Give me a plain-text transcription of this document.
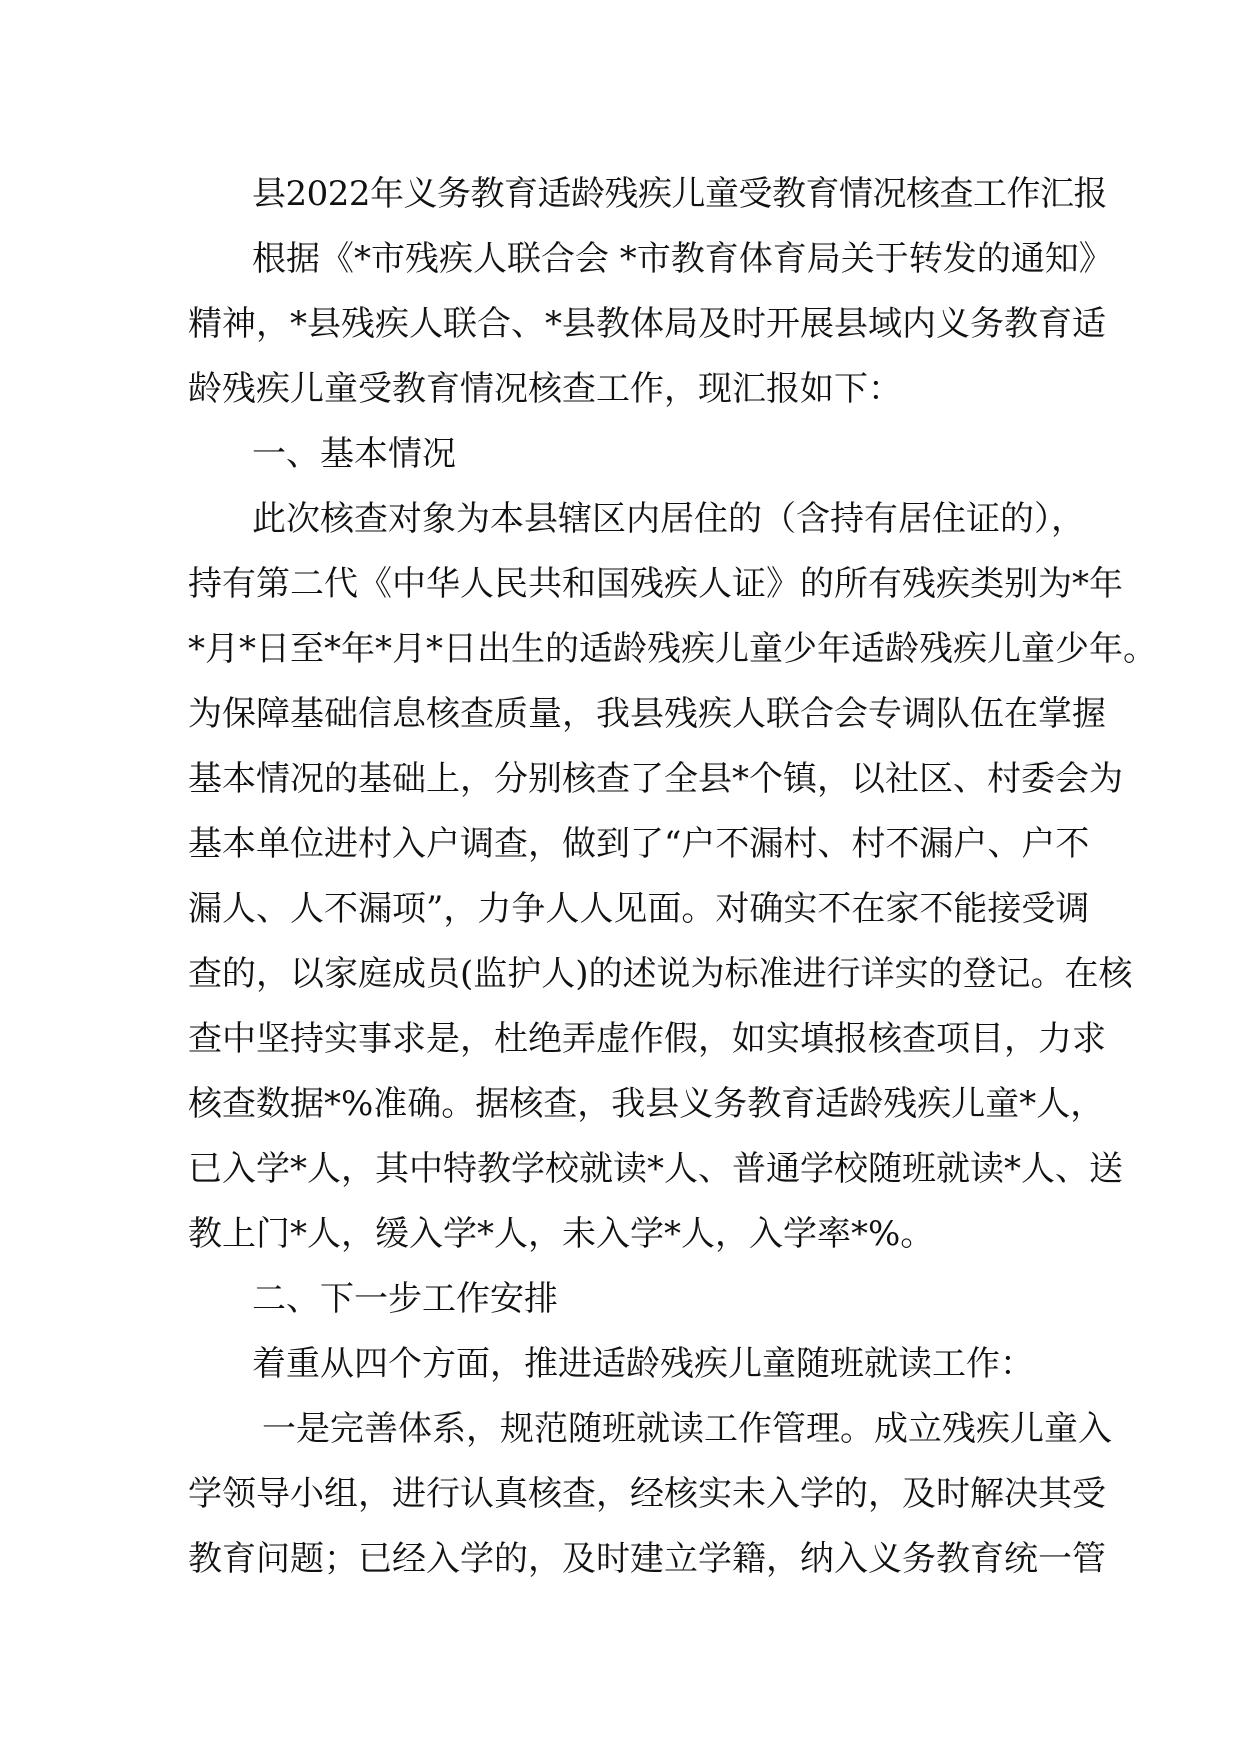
县2022年义务教育适龄残疾儿童受教育情况核查工作汇报
根据《*市残疾人联合会 *市教育体育局关于转发的通知》
精神，*县残疾人联合、*县教体局及时开展县域内义务教育适
龄残疾儿童受教育情况核查工作，现汇报如下：
一、基本情况
此次核查对象为本县辖区内居住的（含持有居住证的），
持有第二代《中华人民共和国残疾人证》的所有残疾类别为*年
*月*日至*年*月*日出生的适龄残疾儿童少年适龄残疾儿童少年。
为保障基础信息核查质量，我县残疾人联合会专调队伍在掌握
基本情况的基础上，分别核查了全县*个镇，以社区、村委会为
基本单位进村入户调查，做到了“户不漏村、村不漏户、户不
漏人、人不漏项”，力争人人见面。对确实不在家不能接受调
查的，以家庭成员(监护人)的述说为标准进行详实的登记。在核
查中坚持实事求是，杜绝弄虚作假，如实填报核查项目，力求
核查数据*%准确。据核查，我县义务教育适龄残疾儿童*人，
已入学*人，其中特教学校就读*人、普通学校随班就读*人、送
教上门*人，缓入学*人，未入学*人，入学率*%。
二、下一步工作安排
着重从四个方面，推进适龄残疾儿童随班就读工作：
一是完善体系，规范随班就读工作管理。成立残疾儿童入
学领导小组，进行认真核查，经核实未入学的，及时解决其受
教育问题；已经入学的，及时建立学籍，纳入义务教育统一管
